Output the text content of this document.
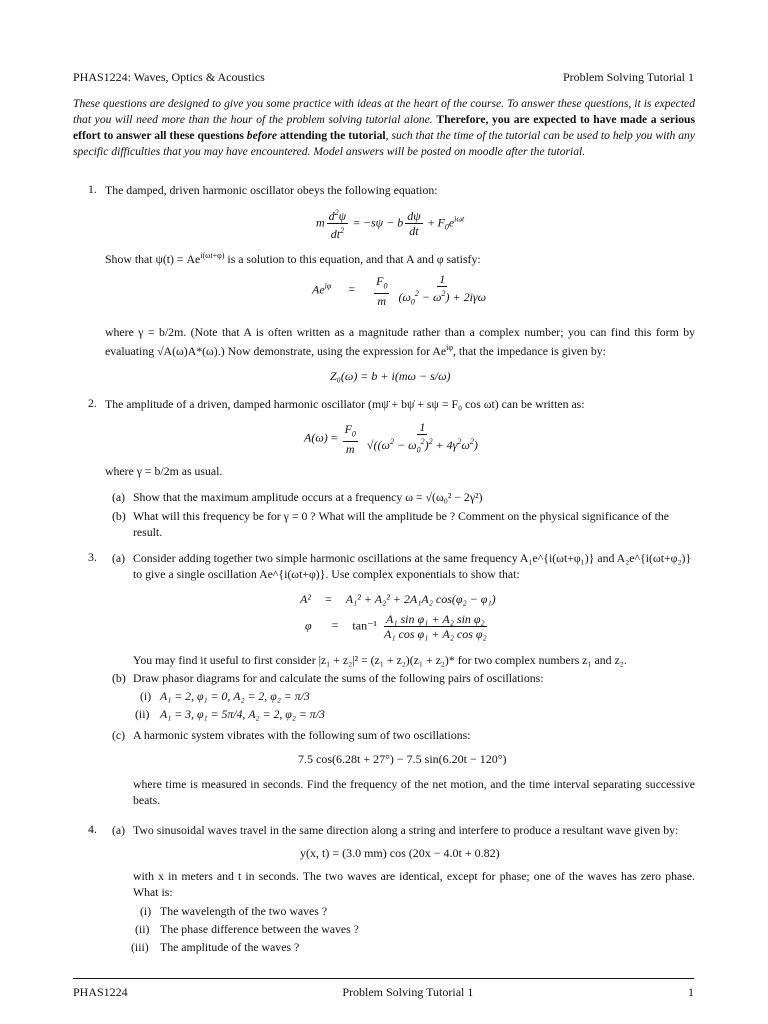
PHAS1224: Waves, Optics & Acoustics	Problem Solving Tutorial 1
These questions are designed to give you some practice with ideas at the heart of the course. To answer these questions, it is expected that you will need more than the hour of the problem solving tutorial alone. Therefore, you are expected to have made a serious effort to answer all these questions before attending the tutorial, such that the time of the tutorial can be used to help you with any specific difficulties that you may have encountered. Model answers will be posted on moodle after the tutorial.
1. The damped, driven harmonic oscillator obeys the following equation:
m $\frac{d^2\psi}{dt^2} = -s\psi - b \frac{d\psi}{dt} + F_0e^{i\omega t}$
Show that $\psi(t) = Ae^{i(\omega t+\varphi)}$ is a solution to this equation, and that A and φ satisfy:
$Ae^{i\varphi} = \frac{F_0}{m}$
$\frac{1}{(\omega_0^2 - \omega^2) + 2i\gamma\omega}$
where γ = b/2m. (Note that A is often written as a magnitude rather than a complex number; you can find this form by evaluating √A(ω)A*(ω).) Now demonstrate, using the expression for $Ae^{i\varphi}$, that the impedance is given by:
Z₀(ω) = b + i(mω − s/ω)
2. The amplitude of a driven, damped harmonic oscillator (mψ̈ + bψ̇ + sψ = F₀ cos ωt) can be written as:
$A(\omega) = \frac{F_0}{m}$
$\frac{1}{√((\omega^2 - \omega_0^2)^2 + 4\gamma^2\omega^2)}$
where γ = b/2m as usual.
(a) Show that the maximum amplitude occurs at a frequency ω = √(ω₀² − 2γ²)
(b) What will this frequency be for γ = 0 ? What will the amplitude be ? Comment on the physical significance of the result.
3. (a) Consider adding together two simple harmonic oscillations at the same frequency A₁e^{i(ωt+φ₁)} and A₂e^{i(ωt+φ₂)} to give a single oscillation Ae^{i(ωt+φ)}. Use complex exponentials to show that:
A² = A₁² + A₂² + 2A₁A₂ cos(φ₂ − φ₁)
$\varphi = \tan^{-1} \frac{\text{A₁ sin φ₁ + A₂ sin φ₂}}{\text{A₁ cos φ₁ + A₂ cos φ₂}}$
You may find it useful to first consider |z₁ + z₂|² = (z₁ + z₂)(z₁ + z₂)* for two complex numbers z₁ and z₂.
(b) Draw phasor diagrams for and calculate the sums of the following pairs of oscillations:
(i) A₁ = 2, φ₁ = 0, A₂ = 2, φ₂ = π/3
(ii) A₁ = 3, φ₁ = 5π/4, A₂ = 2, φ₂ = π/3
(c) A harmonic system vibrates with the following sum of two oscillations:
7.5 cos(6.28t + 27°) − 7.5 sin(6.20t − 120°)
where time is measured in seconds. Find the frequency of the net motion, and the time interval separating successive beats.
4. (a) Two sinusoidal waves travel in the same direction along a string and interfere to produce a resultant wave given by:
y(x, t) = (3.0 mm) cos (20x − 4.0t + 0.82)
with x in meters and t in seconds. The two waves are identical, except for phase; one of the waves has zero phase. What is:
(i) The wavelength of the two waves ?
(ii) The phase difference between the waves ?
(iii) The amplitude of the waves ?
PHAS1224	Problem Solving Tutorial 1	1
